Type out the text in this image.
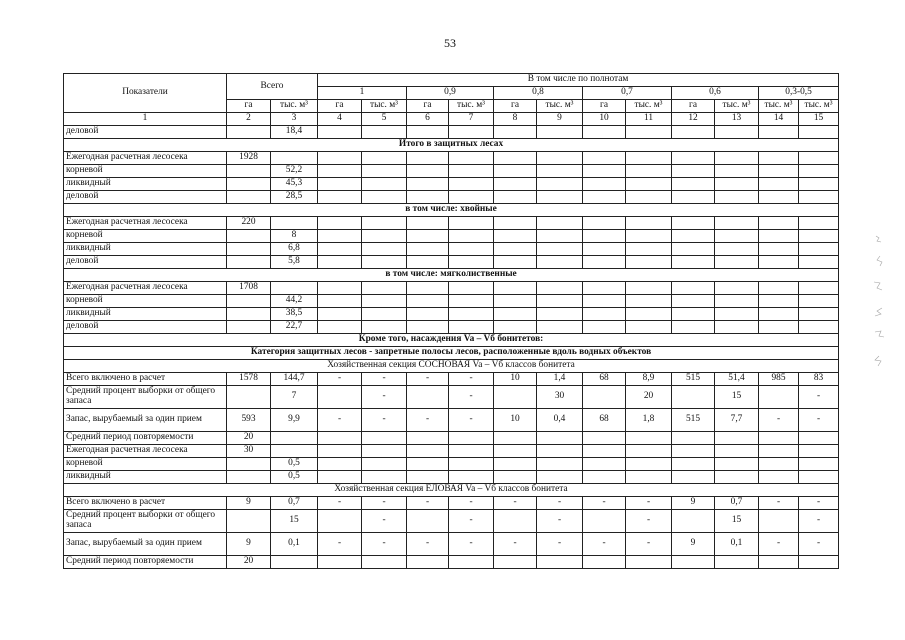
53
Показатели	Всего		В том числе по полнотам											
			1		0,9		0,8		0,7		0,6		0,3-0,5	
	га	тыс. м³	га	тыс. м³	га	тыс. м³	га	тыс. м³	га	тыс. м³	га	тыс. м³	тыс. м³	тыс. м³
1	2	3	4	5	6	7	8	9	10	11	12	13	14	15
деловой		18,4												
Итого в защитных лесах														
Ежегодная расчетная лесосека	1928													
корневой		52,2												
ликвидный		45,3												
деловой		28,5												
в том числе: хвойные														
Ежегодная расчетная лесосека	220													
корневой		8												
ликвидный		6,8												
деловой		5,8												
в том числе: мягколиственные														
Ежегодная расчетная лесосека	1708													
корневой		44,2												
ликвидный		38,5												
деловой		22,7												
Кроме того, насаждения Va – Vб бонитетов:														
Категория защитных лесов - запретные полосы лесов, расположенные вдоль водных объектов														
Хозяйственная секция СОСНОВАЯ Va – Vб классов бонитета														
Всего включено в расчет	1578	144,7	-	-	-	-	10	1,4	68	8,9	515	51,4	985	83
Средний процент выборки от общего запаса		7		-		-		30		20		15		-
Запас, вырубаемый за один прием	593	9,9	-	-	-	-	10	0,4	68	1,8	515	7,7	-	-
Средний период повторяемости	20													
Ежегодная расчетная лесосека	30													
корневой		0,5												
ликвидный		0,5												
Хозяйственная секция ЕЛОВАЯ Va – Vб классов бонитета														
Всего включено в расчет	9	0,7	-	-	-	-	-	-	-	-	9	0,7	-	-
Средний процент выборки от общего запаса		15		-		-		-		-		15		-
Запас, вырубаемый за один прием	9	0,1	-	-	-	-	-	-	-	-	9	0,1	-	-
Средний период повторяемости	20													
